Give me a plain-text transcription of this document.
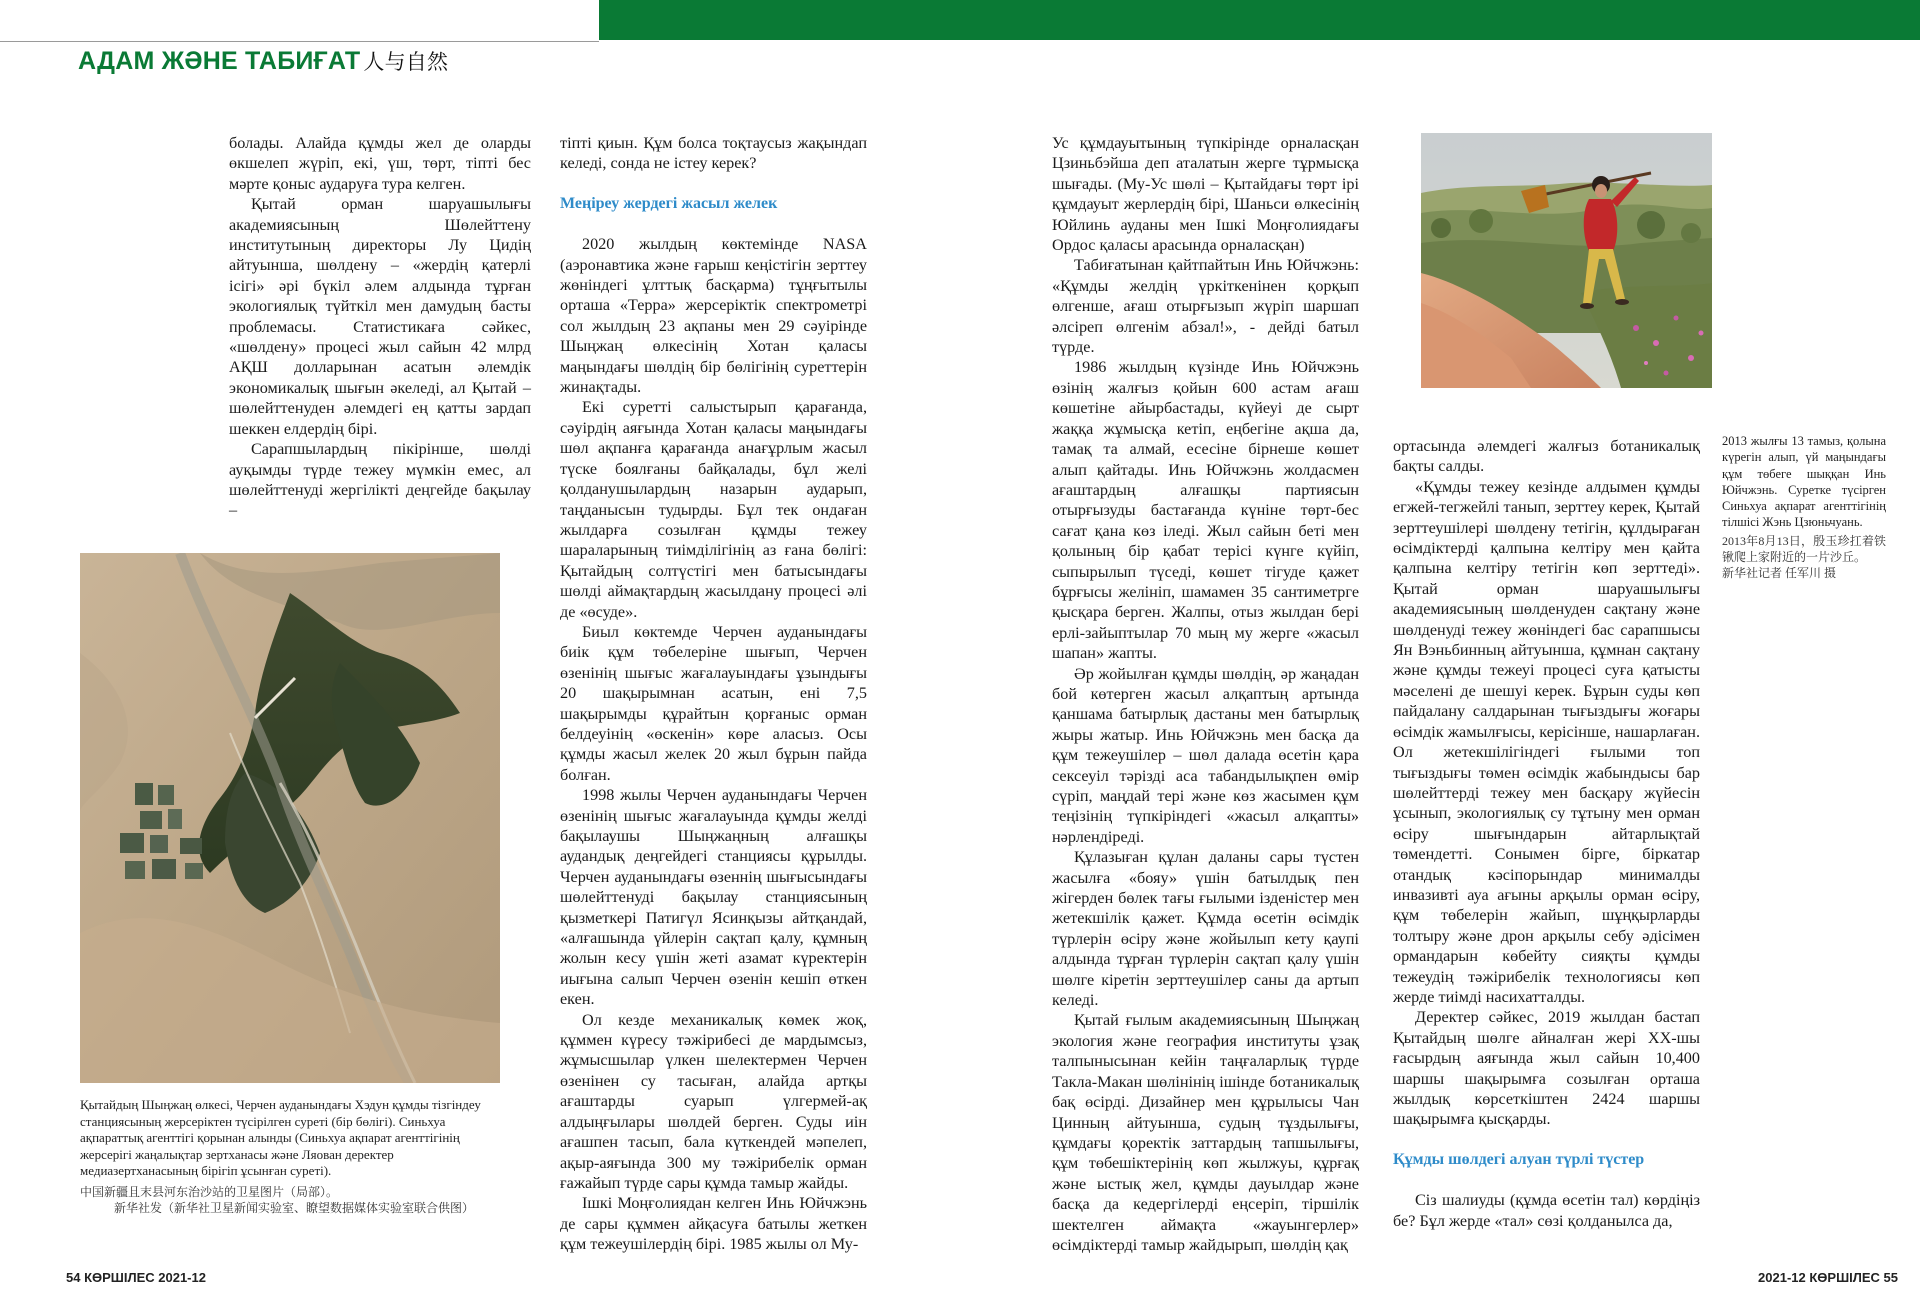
АДАМ ЖӘНЕ ТАБИҒАТ 人与自然

болады. Алайда құмды жел де оларды өкшелеп жүріп, екі, үш, төрт, тіпті бес мәрте қоныс аударуға тура келген.

Қытай орман шаруашылығы академиясының Шөлейттену институтының директоры Лу Цидің айтуынша, шөлдену – «жердің қатерлі ісігі» әрі бүкіл әлем алдында тұрған экологиялық түйткіл мен дамудың басты проблемасы. Статистикаға сәйкес, «шөлдену» процесі жыл сайын 42 млрд АҚШ долларынан асатын әлемдік экономикалық шығын әкеледі, ал Қытай – шөлейттенуден әлемдегі ең қатты зардап шеккен елдердің бірі.

Сарапшылардың пікірінше, шөлді ауқымды түрде тежеу мүмкін емес, ал шөлейттенуді жергілікті деңгейде бақылау –

Қытайдың Шыңжаң өлкесі, Черчен ауданындағы Хэдун құмды тізгіндеу станциясының жерсеріктен түсірілген суреті (бір бөлігі). Синьхуа ақпараттық агенттігі қорынан алынды (Синьхуа ақпарат агенттігінің жерсерігі жаңалықтар зертханасы және Ляован деректер медиазертханасының бірігіп ұсынған суреті).
中国新疆且末县河东治沙站的卫星图片（局部）。
新华社发（新华社卫星新闻实验室、瞭望数据媒体实验室联合供图）

тіпті қиын. Құм болса тоқтаусыз жақындап келеді, сонда не істеу керек?

Меңіреу жердегі жасыл желек

2020 жылдың көктемінде NASA (аэронавтика және ғарыш кеңістігін зерттеу жөніндегі ұлттық басқарма) тұңғытылы орташа «Терра» жерсеріктік спектрометрі сол жылдың 23 ақпаны мен 29 сәуірінде Шыңжаң өлкесінің Хотан қаласы маңындағы шөлдің бір бөлігінің суреттерін жинақтады.

Екі суретті салыстырып қарағанда, сәуірдің аяғында Хотан қаласы маңындағы шөл ақпанға қарағанда анағұрлым жасыл түске боялғаны байқалады, бұл желі қолданушылардың назарын аударып, таңданысын тудырды. Бұл тек ондаған жылдарға созылған құмды тежеу шараларының тиімділігінің аз ғана бөлігі: Қытайдың солтүстігі мен батысындағы шөлді аймақтардың жасылдану процесі әлі де «өсуде».

Биыл көктемде Черчен ауданындағы биік құм төбелеріне шығып, Черчен өзенінің шығыс жағалауындағы ұзындығы 20 шақырымнан асатын, ені 7,5 шақырымды құрайтын қорғаныс орман белдеуінің «өскенін» көре аласыз. Осы құмды жасыл желек 20 жыл бұрын пайда болған.

1998 жылы Черчен ауданындағы Черчен өзенінің шығыс жағалауында құмды желді бақылаушы Шыңжаңның алғашқы аудандық деңгейдегі станциясы құрылды. Черчен ауданындағы өзеннің шығысындағы шөлейттенуді бақылау станциясының қызметкері Патигүл Ясинқызы айтқандай, «алғашында үйлерін сақтап қалу, құмның жолын кесу үшін жеті азамат күректерін иығына салып Черчен өзенін кешіп өткен екен.

Ол кезде механикалық көмек жоқ, құммен күресу тәжірибесі де мардымсыз, жұмысшылар үлкен шелектермен Черчен өзенінен су тасыған, алайда артқы ағаштарды суарып үлгермей-ақ алдыңғылары шөлдей берген. Суды иін ағашпен тасып, бала күткендей мәпелеп, ақыр-аяғында 300 му тәжірибелік орман ғажайып түрде сары құмда тамыр жайды.

Ішкі Моңғолиядан келген Инь Юйчжэнь де сары құммен айқасуға батылы жеткен құм тежеушілердің бірі. 1985 жылы ол Му-

Ус құмдауытының түпкірінде орналасқан Цзиньбэйша деп аталатын жерге тұрмысқа шығады. (Му-Ус шөлі – Қытайдағы төрт ірі құмдауыт жерлердің бірі, Шаньси өлкесінің Юйлинь ауданы мен Ішкі Моңғолиядағы Ордос қаласы арасында орналасқан)

Табиғатынан қайтпайтын Инь Юйчжэнь: «Құмды желдің үркіткенінен қорқып өлгенше, ағаш отырғызып жүріп шаршап әлсіреп өлгенім абзал!», - дейді батыл түрде.

1986 жылдың күзінде Инь Юйчжэнь өзінің жалғыз қойын 600 астам ағаш көшетіне айырбастады, күйеуі де сырт жаққа жұмысқа кетіп, еңбегіне ақша да, тамақ та алмай, есесіне бірнеше көшет алып қайтады. Инь Юйчжэнь жолдасмен ағаштардың алғашқы партиясын отырғызуды бастағанда күніне төрт-бес сағат қана көз іледі. Жыл сайын беті мен қолының бір қабат терісі күнге күйіп, сыпырылып түседі, көшет тігуде қажет бұрғысы желініп, шамамен 35 сантиметрге қысқара берген. Жалпы, отыз жылдан бері ерлі-зайыптылар 70 мың му жерге «жасыл шапан» жапты.

Әр жойылған құмды шөлдің, әр жаңадан бой көтерген жасыл алқаптың артында қаншама батырлық дастаны мен батырлық жыры жатыр. Инь Юйчжэнь мен басқа да құм тежеушілер – шөл далада өсетін қара сексеуіл тәрізді аса табандылықпен өмір сүріп, маңдай тері және көз жасымен құм теңізінің түпкіріндегі «жасыл алқапты» нәрлендіреді.

Құлазыған құлан даланы сары түстен жасылға «бояу» үшін батылдық пен жігерден бөлек тағы ғылыми ізденістер мен жетекшілік қажет. Құмда өсетін өсімдік түрлерін өсіру және жойылып кету қаупі алдында тұрған түрлерін сақтап қалу үшін шөлге кіретін зерттеушілер саны да артып келеді.

Қытай ғылым академиясының Шыңжаң экология және география институты ұзақ талпынысынан кейін таңғаларлық түрде Такла-Макан шөлінінің ішінде ботаникалық бақ өсірді. Дизайнер мен құрылысы Чан Цинның айтуынша, судың тұздылығы, құмдағы қоректік заттардың тапшылығы, құм төбешіктерінің көп жылжуы, құрғақ және ыстық жел, құмды дауылдар және басқа да кедергілерді еңсеріп, тіршілік шектелген аймақта «жауынгерлер» өсімдіктерді тамыр жайдырып, шөлдің қақ

ортасында әлемдегі жалғыз ботаникалық бақты салды.

«Құмды тежеу кезінде алдымен құмды егжей-тегжейлі танып, зерттеу керек, Қытай зерттеушілері шөлдену тетігін, құлдыраған өсімдіктерді қалпына келтіру мен қайта қалпына келтіру тетігін көп зерттеді». Қытай орман шаруашылығы академиясының шөлденуден сақтану және шөлденуді тежеу жөніндегі бас сарапшысы Ян Вэньбинның айтуынша, құмнан сақтану және құмды тежеуі процесі суға қатысты мәселені де шешуі керек. Бұрын суды көп пайдалану салдарынан тығыздығы жоғары өсімдік жамылғысы, керісінше, нашарлаған. Ол жетекшілігіндегі ғылыми топ тығыздығы төмен өсімдік жабындысы бар шөлейттерді тежеу мен басқару жүйесін ұсынып, экологиялық су тұтыну мен орман өсіру шығындарын айтарлықтай төмендетті. Сонымен бірге, біркатар отандық кәсіпорындар минималды инвазивті ауа ағыны арқылы орман өсіру, құм төбелерін жайып, шұңқырларды толтыру және дрон арқылы себу әдісімен ормандарын көбейту сияқты құмды тежеудің тәжірибелік технологиясы көп жерде тиімді насихатталды.

Деректер сәйкес, 2019 жылдан бастап Қытайдың шөлге айналған жері ХХ-шы ғасырдың аяғында жыл сайын 10,400 шаршы шақырымға созылған орташа жылдық көрсеткіштен 2424 шаршы шақырымға қысқарды.

Құмды шөлдегі алуан түрлі түстер

Сіз шалиуды (құмда өсетін тал) көрдіңіз бе? Бұл жерде «тал» сөзі қолданылса да,

2013 жылғы 13 тамыз, қолына күрегін алып, үй маңындағы құм төбеге шыққан Инь Юйчжэнь. Суретке түсірген Синьхуа ақпарат агенттігінің тілшісі Жэнь Цзюньчуань.
2013年8月13日，殷玉珍扛着铁锹爬上家附近的一片沙丘。
新华社记者 任军川 摄
54 КӨРШІЛЕС 2021-12	2021-12 КӨРШІЛЕС 55
